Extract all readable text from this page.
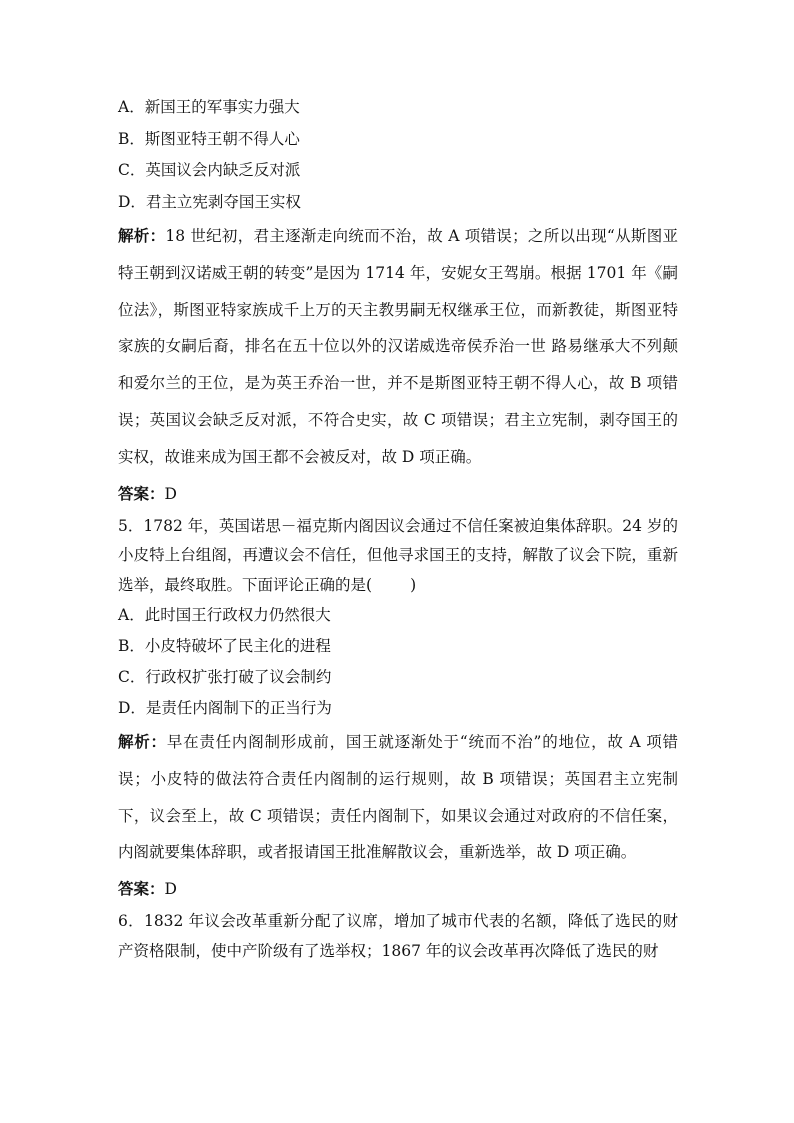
A．新国王的军事实力强大
B．斯图亚特王朝不得人心
C．英国议会内缺乏反对派
D．君主立宪剥夺国王实权

解析：18 世纪初，君主逐渐走向统而不治，故 A 项错误；之所以出现“从斯图亚特王朝到汉诺威王朝的转变”是因为 1714 年，安妮女王驾崩。根据 1701 年《嗣位法》，斯图亚特家族成千上万的天主教男嗣无权继承王位，而新教徒，斯图亚特家族的女嗣后裔，排名在五十位以外的汉诺威选帝侯乔治一世 路易继承大不列颠和爱尔兰的王位，是为英王乔治一世，并不是斯图亚特王朝不得人心，故 B 项错误；英国议会缺乏反对派，不符合史实，故 C 项错误；君主立宪制，剥夺国王的实权，故谁来成为国王都不会被反对，故 D 项正确。

答案：D

5．1782 年，英国诺思－福克斯内阁因议会通过不信任案被迫集体辞职。24 岁的小皮特上台组阁，再遭议会不信任，但他寻求国王的支持，解散了议会下院，重新选举，最终取胜。下面评论正确的是( )

A．此时国王行政权力仍然很大
B．小皮特破坏了民主化的进程
C．行政权扩张打破了议会制约
D．是责任内阁制下的正当行为

解析：早在责任内阁制形成前，国王就逐渐处于“统而不治”的地位，故 A 项错误；小皮特的做法符合责任内阁制的运行规则，故 B 项错误；英国君主立宪制下，议会至上，故 C 项错误；责任内阁制下，如果议会通过对政府的不信任案，内阁就要集体辞职，或者报请国王批准解散议会，重新选举，故 D 项正确。

答案：D

6．1832 年议会改革重新分配了议席，增加了城市代表的名额，降低了选民的财产资格限制，使中产阶级有了选举权；1867 年的议会改革再次降低了选民的财
